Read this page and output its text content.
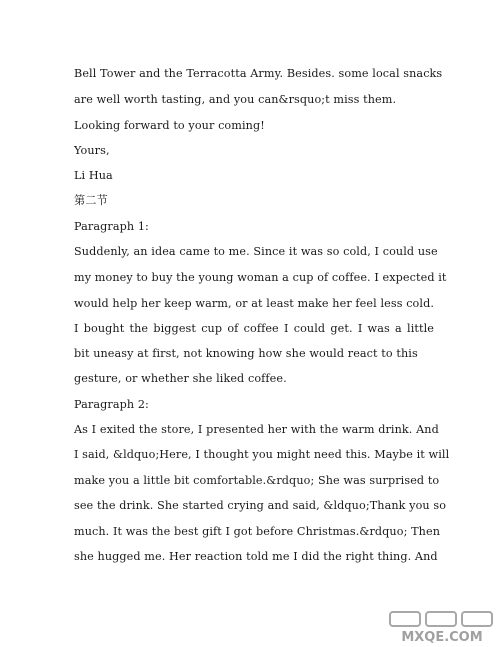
Bell Tower and the Terracotta Army. Besides. some local snacks
are well worth tasting, and you can&rsquo;t miss them.
Looking forward to your coming!
Yours,
Li Hua
第二节
Paragraph 1:
Suddenly, an idea came to me. Since it was so cold, I could use
my money to buy the young woman a cup of coffee. I expected it
would help her keep warm, or at least make her feel less cold.
I bought the biggest cup of coffee I could get. I was a little
bit uneasy at first, not knowing how she would react to this
gesture, or whether she liked coffee.
Paragraph 2:
As I exited the store, I presented her with the warm drink. And
I said, &ldquo;Here, I thought you might need this. Maybe it will
make you a little bit comfortable.&rdquo; She was surprised to
see the drink. She started crying and said, &ldquo;Thank you so
much. It was the best gift I got before Christmas.&rdquo; Then
she hugged me. Her reaction told me I did the right thing. And
MXQE.COM
